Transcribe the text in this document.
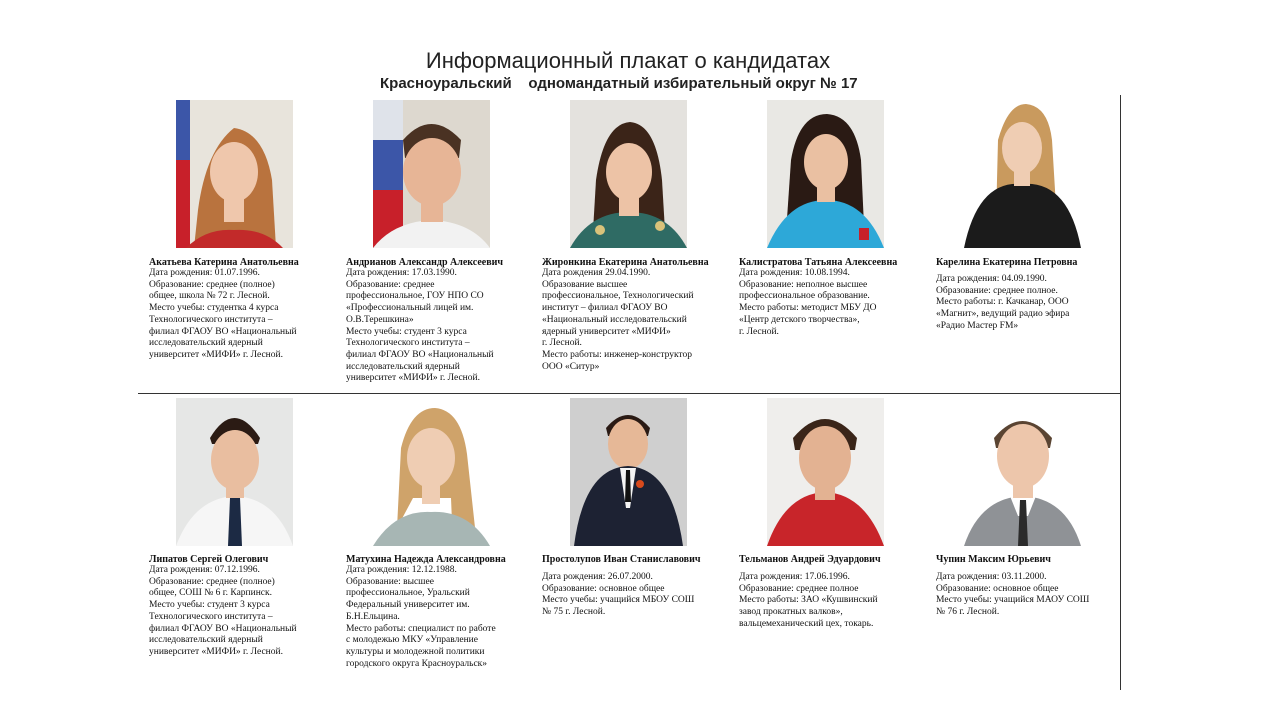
Информационный плакат о кандидатах
Красноуральский    одномандатный избирательный округ № 17
Акатьева Катерина Анатольевна
Дата рождения: 01.07.1996.
Образование: среднее (полное)
общее, школа № 72 г. Лесной.
Место учебы: студентка 4 курса
Технологического института –
филиал ФГАОУ ВО «Национальный
исследовательский ядерный
университет «МИФИ» г. Лесной.
Андрианов Александр Алексеевич
Дата рождения: 17.03.1990.
Образование: среднее
профессиональное, ГОУ НПО СО
«Профессиональный лицей им.
О.В.Терешкина»
Место учебы: студент 3 курса
Технологического института –
филиал ФГАОУ ВО «Национальный
исследовательский ядерный
университет «МИФИ» г. Лесной.
Жиронкина Екатерина Анатольевна
Дата рождения 29.04.1990.
Образование высшее
профессиональное, Технологический
институт – филиал ФГАОУ ВО
«Национальный исследовательский
ядерный университет «МИФИ»
г. Лесной.
Место работы: инженер-конструктор
ООО «Ситур»
Калистратова Татьяна Алексеевна
Дата рождения: 10.08.1994.
Образование: неполное высшее
профессиональное образование.
Место работы: методист МБУ ДО
«Центр детского творчества»,
г. Лесной.
Карелина Екатерина Петровна
Дата рождения: 04.09.1990.
Образование: среднее полное.
Место работы: г. Качканар, ООО
«Магнит», ведущий радио эфира
«Радио Мастер FM»
Липатов Сергей Олегович
Дата рождения: 07.12.1996.
Образование: среднее (полное)
общее, СОШ № 6 г. Карпинск.
Место учебы: студент 3 курса
Технологического института –
филиал ФГАОУ ВО «Национальный
исследовательский ядерный
университет «МИФИ» г. Лесной.
Матухина Надежда Александровна
Дата рождения: 12.12.1988.
Образование: высшее
профессиональное, Уральский
Федеральный университет им.
Б.Н.Ельцина.
Место работы: специалист по работе
с молодежью МКУ «Управление
культуры и молодежной политики
городского округа Красноуральск»
Простолупов Иван Станиславович
Дата рождения: 26.07.2000.
Образование: основное общее
Место учебы: учащийся МБОУ СОШ
№ 75 г. Лесной.
Тельманов Андрей Эдуардович
Дата рождения: 17.06.1996.
Образование: среднее полное
Место работы: ЗАО «Кушвинский
завод прокатных валков»,
вальцемеханический цех, токарь.
Чупин Максим Юрьевич
Дата рождения: 03.11.2000.
Образование: основное общее
Место учебы: учащийся МАОУ СОШ
№ 76 г. Лесной.
